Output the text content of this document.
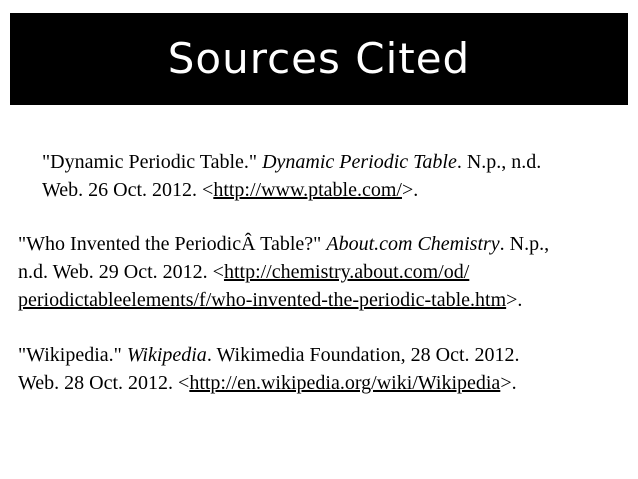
Sources Cited
"Dynamic Periodic Table." Dynamic Periodic Table. N.p., n.d.
Web. 26 Oct. 2012. <http://www.ptable.com/>.
"Who Invented the PeriodicÂ Table?" About.com Chemistry. N.p.,
n.d. Web. 29 Oct. 2012. <http://chemistry.about.com/od/
periodictableelements/f/who-invented-the-periodic-table.htm>.
"Wikipedia." Wikipedia. Wikimedia Foundation, 28 Oct. 2012.
Web. 28 Oct. 2012. <http://en.wikipedia.org/wiki/Wikipedia>.
